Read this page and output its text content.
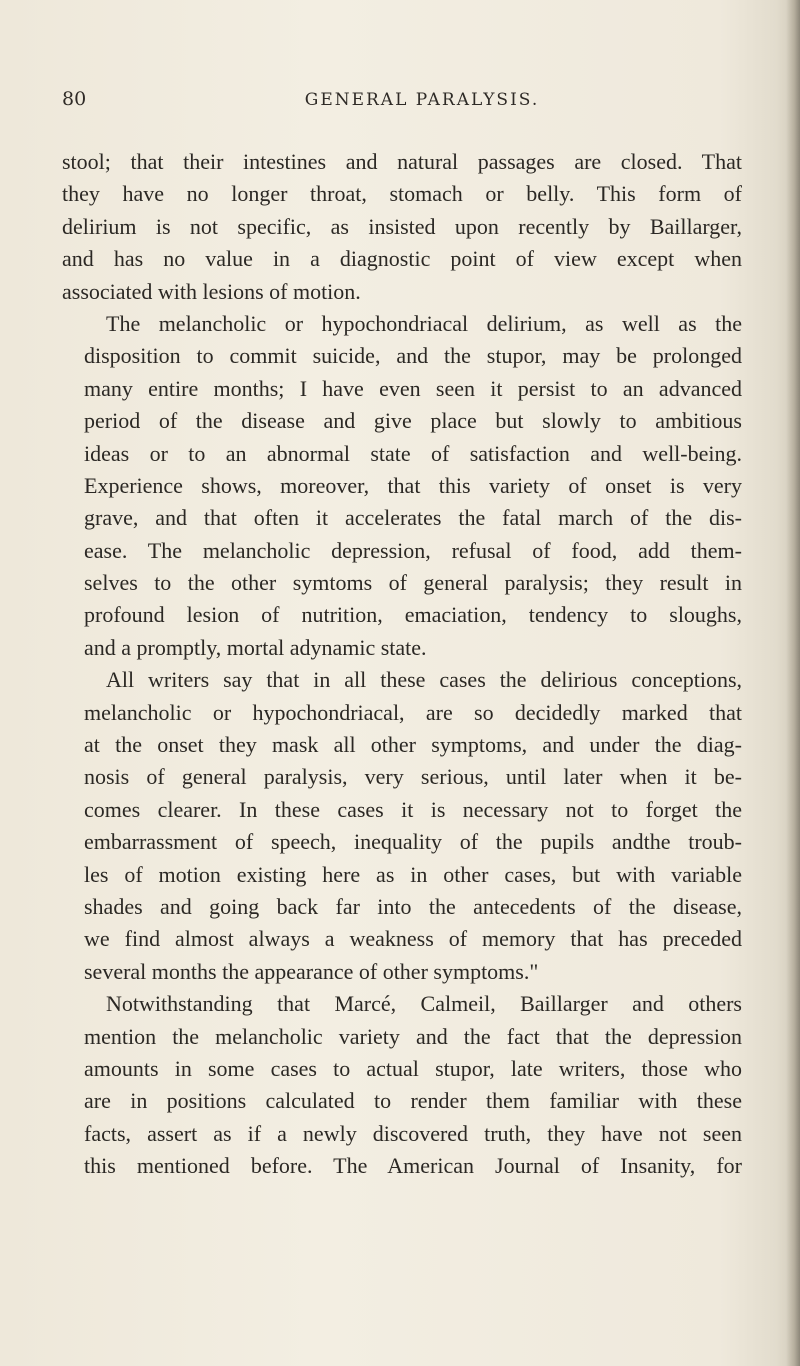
80	GENERAL PARALYSIS.
stool; that their intestines and natural passages are closed. That
they have no longer throat, stomach or belly. This form of
delirium is not specific, as insisted upon recently by Baillarger,
and has no value in a diagnostic point of view except when
associated with lesions of motion.
The melancholic or hypochondriacal delirium, as well as the
disposition to commit suicide, and the stupor, may be prolonged
many entire months; I have even seen it persist to an advanced
period of the disease and give place but slowly to ambitious
ideas or to an abnormal state of satisfaction and well-being.
Experience shows, moreover, that this variety of onset is very
grave, and that often it accelerates the fatal march of the dis-
ease. The melancholic depression, refusal of food, add them-
selves to the other symtoms of general paralysis; they result in
profound lesion of nutrition, emaciation, tendency to sloughs,
and a promptly, mortal adynamic state.
All writers say that in all these cases the delirious conceptions,
melancholic or hypochondriacal, are so decidedly marked that
at the onset they mask all other symptoms, and under the diag-
nosis of general paralysis, very serious, until later when it be-
comes clearer. In these cases it is necessary not to forget the
embarrassment of speech, inequality of the pupils andthe troub-
les of motion existing here as in other cases, but with variable
shades and going back far into the antecedents of the disease,
we find almost always a weakness of memory that has preceded
several months the appearance of other symptoms."
Notwithstanding that Marcé, Calmeil, Baillarger and others
mention the melancholic variety and the fact that the depression
amounts in some cases to actual stupor, late writers, those who
are in positions calculated to render them familiar with these
facts, assert as if a newly discovered truth, they have not seen
this mentioned before. The American Journal of Insanity, for
